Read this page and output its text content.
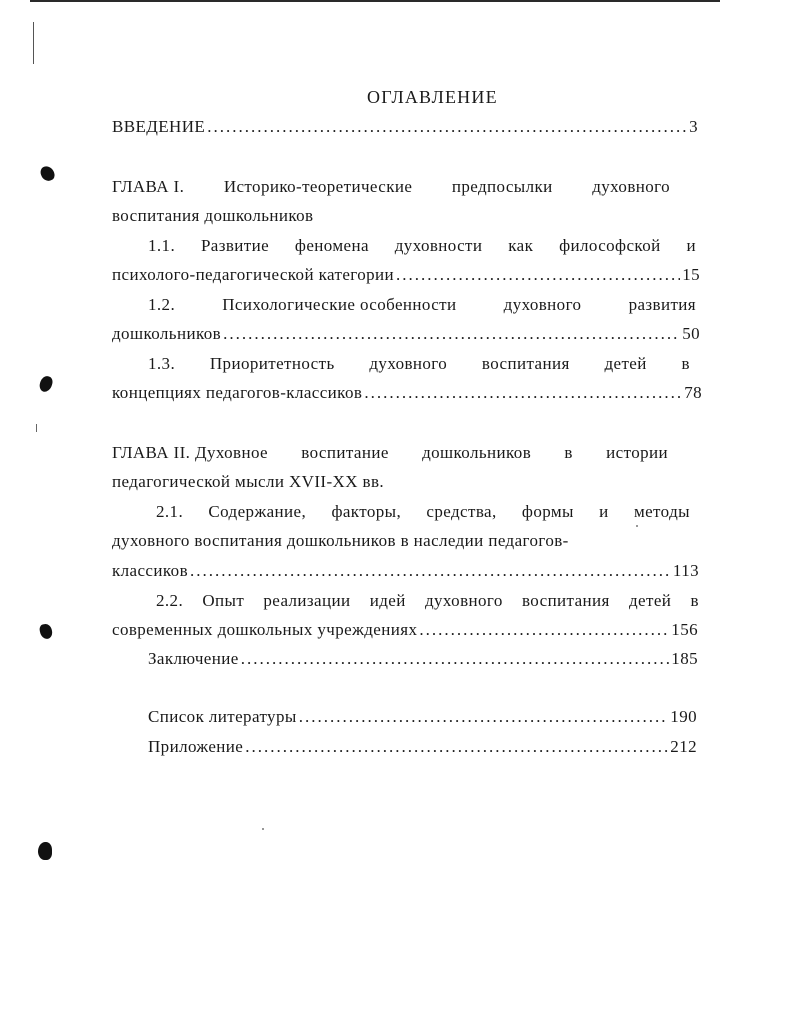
ОГЛАВЛЕНИЕ
ВВЕДЕНИЕ .....	3
ГЛАВА I. Историко-теоретические предпосылки духовного
воспитания дошкольников
1.1. Развитие феномена духовности как философской и
психолого-педагогической категории .....	15
1.2.	Психологические особенности	духовного	развития
дошкольников .....	50
1.3. Приоритетность духовного воспитания детей в
концепциях педагогов-классиков .....	78
ГЛАВА II. Духовное воспитание дошкольников в истории
педагогической мысли XVII-XX вв.
2.1. Содержание, факторы, средства, формы и методы
духовного воспитания дошкольников в наследии педагогов-
классиков .....	113
2.2. Опыт реализации идей духовного воспитания детей в
современных дошкольных учреждениях .....	156
Заключение .....	185
Список литературы .....	190
Приложение .....	212
